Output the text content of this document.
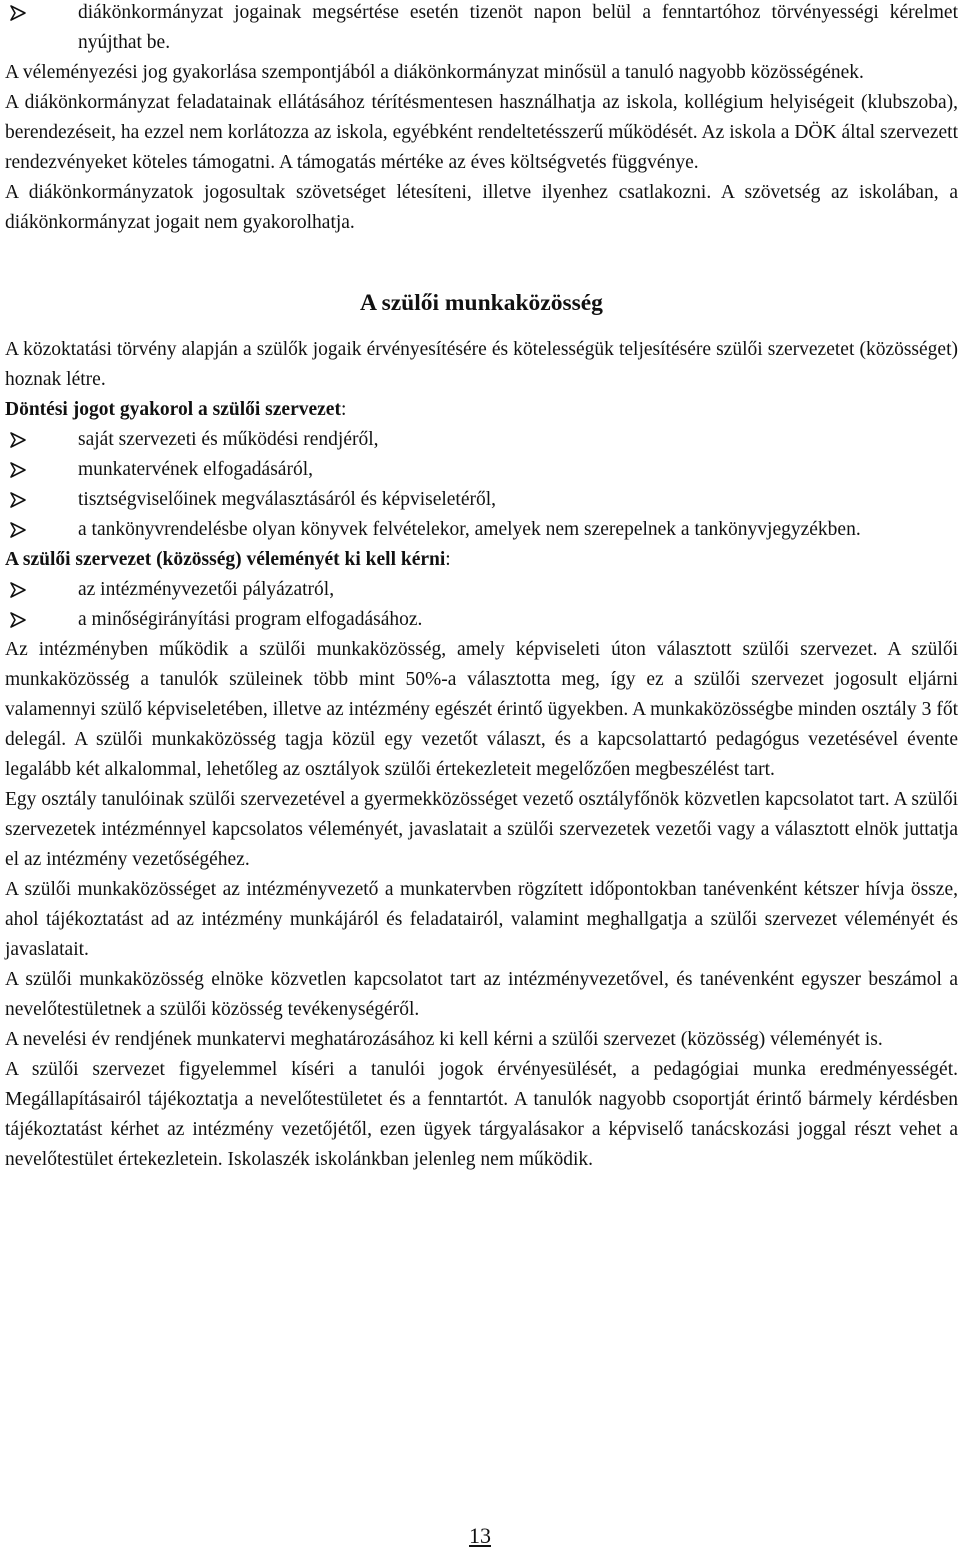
diákönkormányzat jogainak megsértése esetén tizenöt napon belül a fenntartóhoz törvényességi kérelmet nyújthat be.

A véleményezési jog gyakorlása szempontjából a diákönkormányzat minősül a tanuló nagyobb közösségének.

A diákönkormányzat feladatainak ellátásához térítésmentesen használhatja az iskola, kollégium helyiségeit (klubszoba), berendezéseit, ha ezzel nem korlátozza az iskola, egyébként rendeltetésszerű működését. Az iskola a DÖK által szervezett rendezvényeket köteles támogatni. A támogatás mértéke az éves költségvetés függvénye.

A diákönkormányzatok jogosultak szövetséget létesíteni, illetve ilyenhez csatlakozni. A szövetség az iskolában, a diákönkormányzat jogait nem gyakorolhatja.

A szülői munkaközösség

A közoktatási törvény alapján a szülők jogaik érvényesítésére és kötelességük teljesítésére szülői szervezetet (közösséget) hoznak létre.

Döntési jogot gyakorol a szülői szervezet:

saját szervezeti és működési rendjéről,
munkatervének elfogadásáról,
tisztségviselőinek megválasztásáról és képviseletéről,
a tankönyvrendelésbe olyan könyvek felvételekor, amelyek nem szerepelnek a tankönyvjegyzékben.

A szülői szervezet (közösség) véleményét ki kell kérni:

az intézményvezetői pályázatról,
a minőségirányítási program elfogadásához.

Az intézményben működik a szülői munkaközösség, amely képviseleti úton választott szülői szervezet. A szülői munkaközösség a tanulók szüleinek több mint 50%-a választotta meg, így ez a szülői szervezet jogosult eljárni valamennyi szülő képviseletében, illetve az intézmény egészét érintő ügyekben. A munkaközösségbe minden osztály 3 főt delegál. A szülői munkaközösség tagja közül egy vezetőt választ, és a kapcsolattartó pedagógus vezetésével évente legalább két alkalommal, lehetőleg az osztályok szülői értekezleteit megelőzően megbeszélést tart.

Egy osztály tanulóinak szülői szervezetével a gyermekközösséget vezető osztályfőnök közvetlen kapcsolatot tart. A szülői szervezetek intézménnyel kapcsolatos véleményét, javaslatait a szülői szervezetek vezetői vagy a választott elnök juttatja el az intézmény vezetőségéhez.

A szülői munkaközösséget az intézményvezető a munkatervben rögzített időpontokban tanévenként kétszer hívja össze, ahol tájékoztatást ad az intézmény munkájáról és feladatairól, valamint meghallgatja a szülői szervezet véleményét és javaslatait.

A szülői munkaközösség elnöke közvetlen kapcsolatot tart az intézményvezetővel, és tanévenként egyszer beszámol a nevelőtestületnek a szülői közösség tevékenységéről.

A nevelési év rendjének munkatervi meghatározásához ki kell kérni a szülői szervezet (közösség) véleményét is.

A szülői szervezet figyelemmel kíséri a tanulói jogok érvényesülését, a pedagógiai munka eredményességét. Megállapításairól tájékoztatja a nevelőtestületet és a fenntartót. A tanulók nagyobb csoportját érintő bármely kérdésben tájékoztatást kérhet az intézmény vezetőjétől, ezen ügyek tárgyalásakor a képviselő tanácskozási joggal részt vehet a nevelőtestület értekezletein. Iskolaszék iskolánkban jelenleg nem működik.

13
